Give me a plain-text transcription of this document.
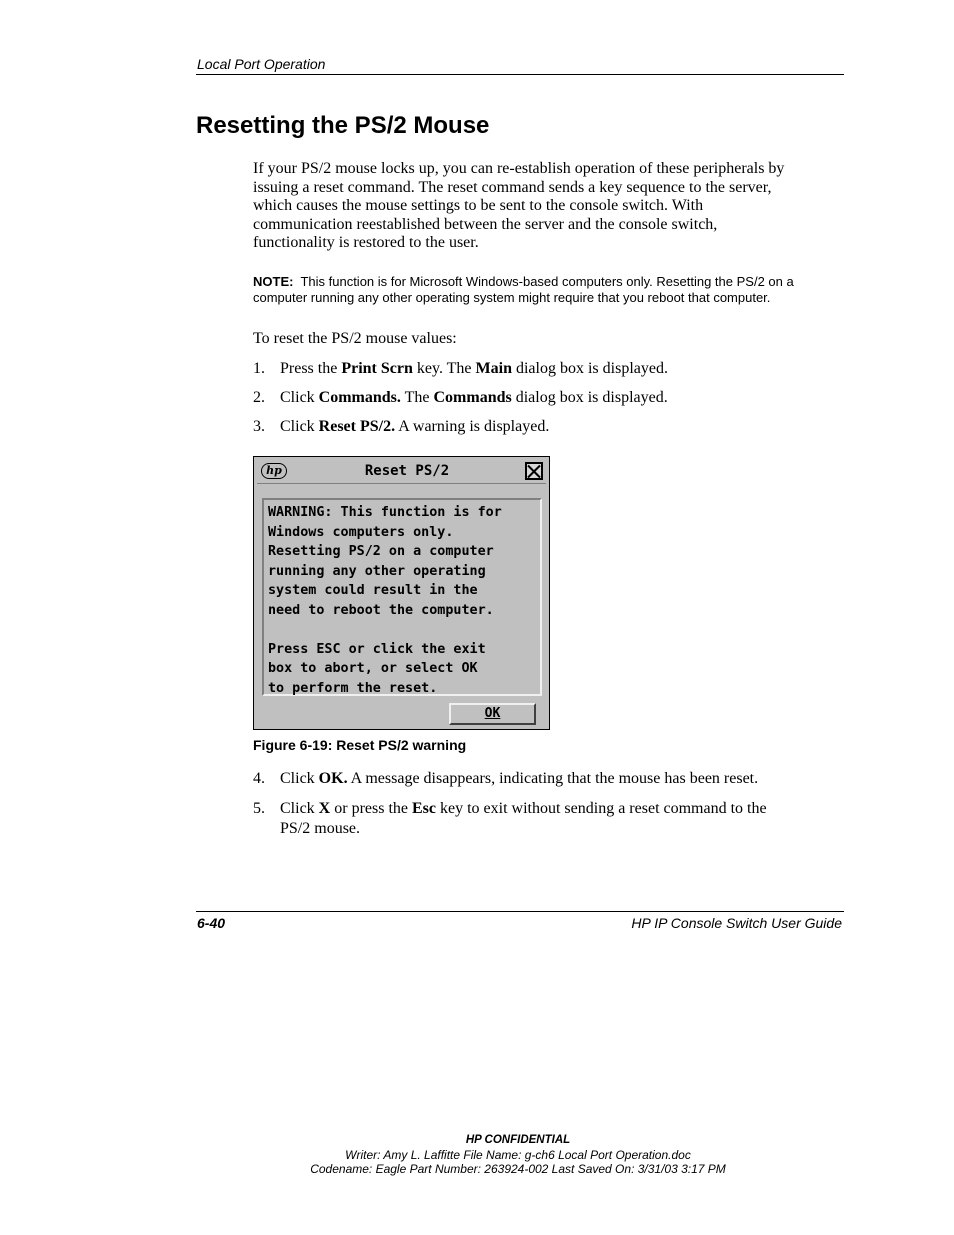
Local Port Operation
Resetting the PS/2 Mouse
If your PS/2 mouse locks up, you can re-establish operation of these peripherals by
issuing a reset command. The reset command sends a key sequence to the server,
which causes the mouse settings to be sent to the console switch. With
communication reestablished between the server and the console switch,
functionality is restored to the user.
NOTE: This function is for Microsoft Windows-based computers only. Resetting the PS/2 on a
computer running any other operating system might require that you reboot that computer.
To reset the PS/2 mouse values:
1. Press the Print Scrn key. The Main dialog box is displayed.
2. Click Commands. The Commands dialog box is displayed.
3. Click Reset PS/2. A warning is displayed.
hp	Reset PS/2
WARNING: This function is for
Windows computers only.
Resetting PS/2 on a computer
running any other operating
system could result in the
need to reboot the computer.
Press ESC or click the exit
box to abort, or select OK
to perform the reset.
OK
Figure 6-19: Reset PS/2 warning
4. Click OK. A message disappears, indicating that the mouse has been reset.
5. Click X or press the Esc key to exit without sending a reset command to the
PS/2 mouse.
6-40	HP IP Console Switch User Guide
HP CONFIDENTIAL
Writer: Amy L. Laffitte File Name: g-ch6 Local Port Operation.doc
Codename: Eagle Part Number: 263924-002 Last Saved On: 3/31/03 3:17 PM
